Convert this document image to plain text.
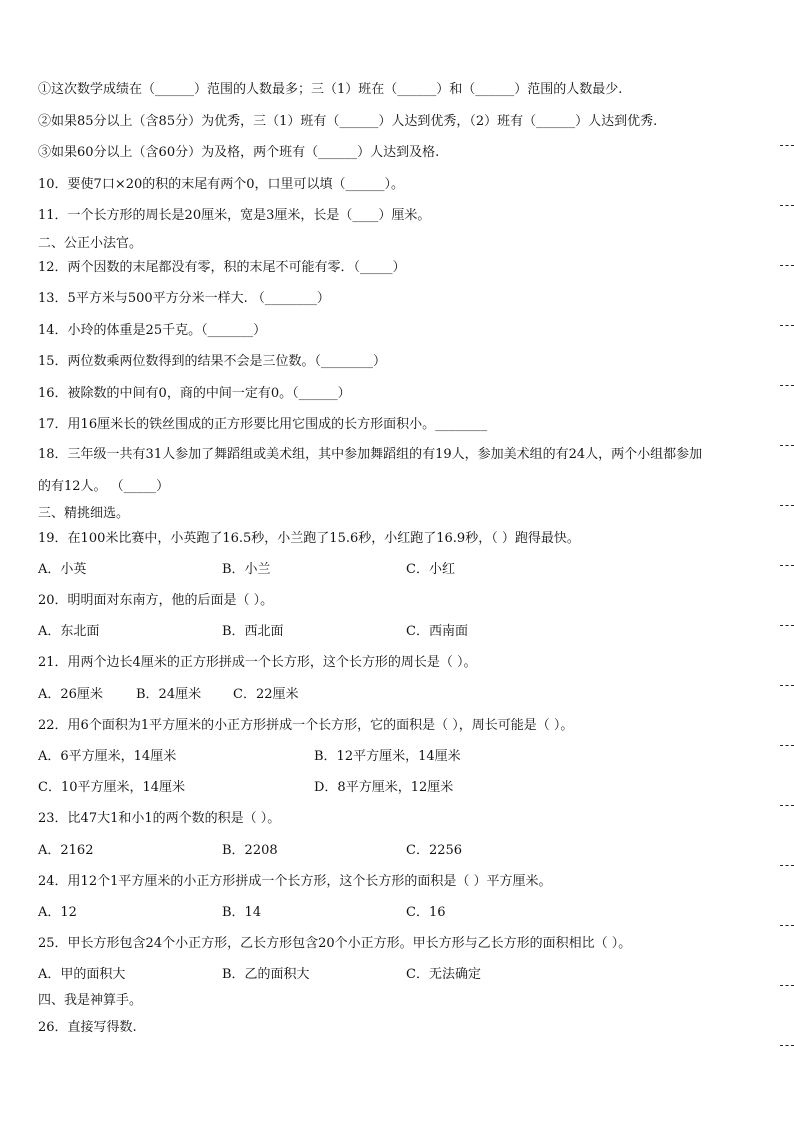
①这次数学成绩在（______）范围的人数最多；三（1）班在（______）和（______）范围的人数最少.
②如果85分以上（含85分）为优秀，三（1）班有（______）人达到优秀，（2）班有（______）人达到优秀.
③如果60分以上（含60分）为及格，两个班有（______）人达到及格.
10．要使7口×20的积的末尾有两个0，口里可以填（______）。
11．一个长方形的周长是20厘米，宽是3厘米，长是（____）厘米。
二、公正小法官。
12．两个因数的末尾都没有零，积的末尾不可能有零．（_____）
13．5平方米与500平方分米一样大. （________）
14．小玲的体重是25千克。（_______）
15．两位数乘两位数得到的结果不会是三位数。（________）
16．被除数的中间有0，商的中间一定有0。（______）
17．用16厘米长的铁丝围成的正方形要比用它围成的长方形面积小。________
18．三年级一共有31人参加了舞蹈组或美术组，其中参加舞蹈组的有19人，参加美术组的有24人，两个小组都参加
的有12人。 （_____）
三、精挑细选。
19．在100米比赛中，小英跑了16.5秒，小兰跑了15.6秒，小红跑了16.9秒，（ ）跑得最快。
A．小英	B．小兰	C．小红
20．明明面对东南方，他的后面是（ ）。
A．东北面	B．西北面	C．西南面
21．用两个边长4厘米的正方形拼成一个长方形，这个长方形的周长是（ ）。
A．26厘米	B．24厘米 C．22厘米
22．用6个面积为1平方厘米的小正方形拼成一个长方形，它的面积是（ ），周长可能是（ ）。
A．6平方厘米，14厘米	B．12平方厘米，14厘米
C．10平方厘米，14厘米	D．8平方厘米，12厘米
23．比47大1和小1的两个数的积是（ ）。
A．2162	B．2208	C．2256
24．用12个1平方厘米的小正方形拼成一个长方形，这个长方形的面积是（ ）平方厘米。
A．12	B．14	C．16
25．甲长方形包含24个小正方形，乙长方形包含20个小正方形。甲长方形与乙长方形的面积相比（ ）。
A．甲的面积大	B．乙的面积大	C．无法确定
四、我是神算手。
26．直接写得数.
